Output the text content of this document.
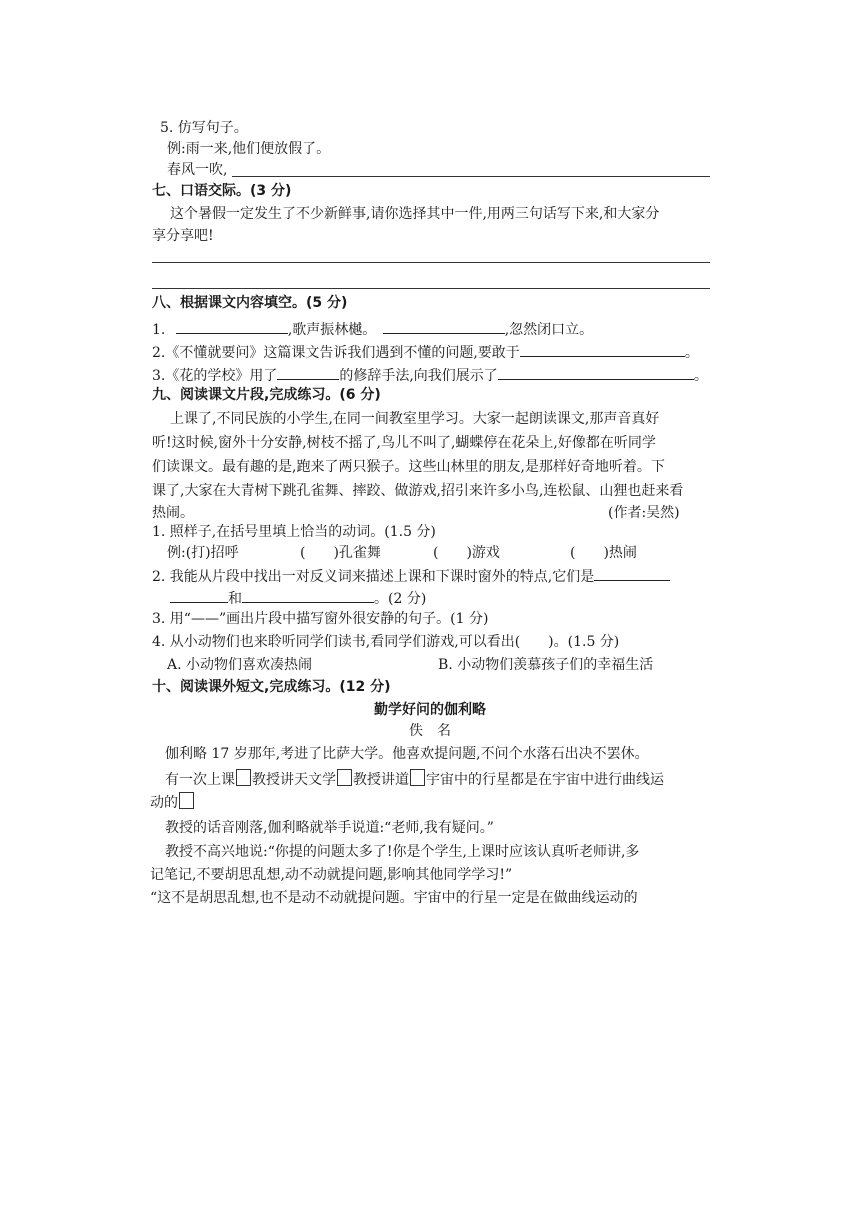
5. 仿写句子。
例:雨一来,他们便放假了。
春风一吹,
七、口语交际。(3 分)
这个暑假一定发生了不少新鲜事,请你选择其中一件,用两三句话写下来,和大家分
享分享吧!
八、根据课文内容填空。(5 分)
1.	,歌声振林樾。	,忽然闭口立。
2.《不懂就要问》这篇课文告诉我们遇到不懂的问题,要敢于	。
3.《花的学校》用了	的修辞手法,向我们展示了	。
九、阅读课文片段,完成练习。(6 分)
上课了,不同民族的小学生,在同一间教室里学习。大家一起朗读课文,那声音真好
听!这时候,窗外十分安静,树枝不摇了,鸟儿不叫了,蝴蝶停在花朵上,好像都在听同学
们读课文。最有趣的是,跑来了两只猴子。这些山林里的朋友,是那样好奇地听着。下
课了,大家在大青树下跳孔雀舞、摔跤、做游戏,招引来许多小鸟,连松鼠、山狸也赶来看
热闹。	(作者:吴然)
1. 照样子,在括号里填上恰当的动词。(1.5 分)
例:(打)招呼	(　　)孔雀舞	(　　)游戏	(　　)热闹
2. 我能从片段中找出一对反义词来描述上课和下课时窗外的特点,它们是
和	。(2 分)
3. 用“——”画出片段中描写窗外很安静的句子。(1 分)
4. 从小动物们也来聆听同学们读书,看同学们游戏,可以看出(　　)。(1.5 分)
A. 小动物们喜欢凑热闹	B. 小动物们羡慕孩子们的幸福生活
十、阅读课外短文,完成练习。(12 分)
勤学好问的伽利略
佚　名
伽利略 17 岁那年,考进了比萨大学。他喜欢提问题,不问个水落石出决不罢休。
有一次上课 教授讲天文学 教授讲道 宇宙中的行星都是在宇宙中进行曲线运
动的
教授的话音刚落,伽利略就举手说道:“老师,我有疑问。”
教授不高兴地说:“你提的问题太多了!你是个学生,上课时应该认真听老师讲,多
记笔记,不要胡思乱想,动不动就提问题,影响其他同学学习!”
“这不是胡思乱想,也不是动不动就提问题。宇宙中的行星一定是在做曲线运动的
